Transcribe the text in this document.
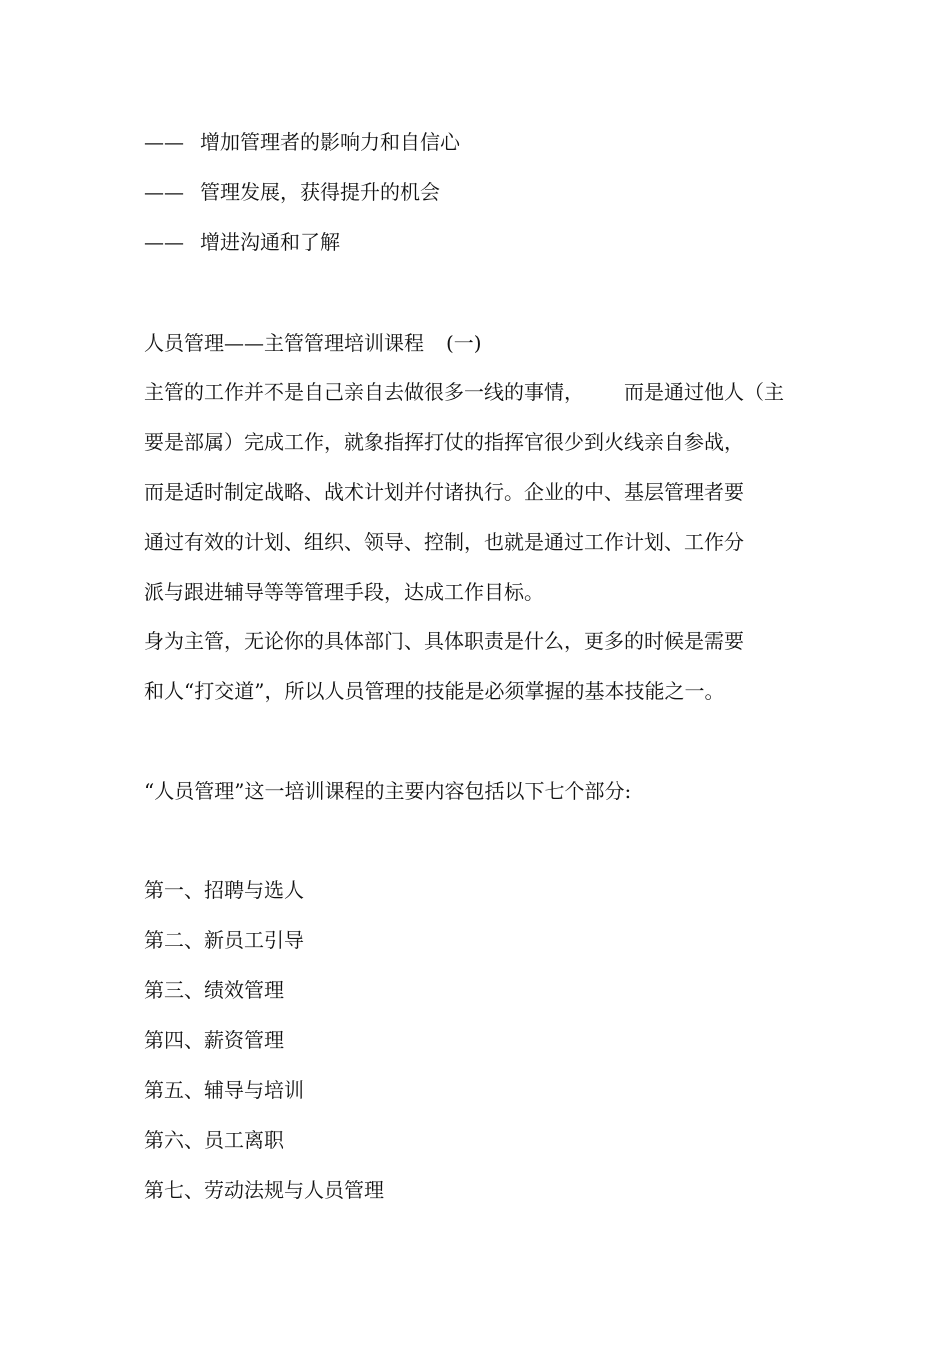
—— 增加管理者的影响力和自信心
—— 管理发展，获得提升的机会
—— 增进沟通和了解
人员管理——主管管理培训课程 (一)
主管的工作并不是自己亲自去做很多一线的事情， 而是通过他人（主
要是部属）完成工作，就象指挥打仗的指挥官很少到火线亲自参战，
而是适时制定战略、战术计划并付诸执行。企业的中、基层管理者要
通过有效的计划、组织、领导、控制，也就是通过工作计划、工作分
派与跟进辅导等等管理手段，达成工作目标。
身为主管，无论你的具体部门、具体职责是什么，更多的时候是需要
和人“打交道”，所以人员管理的技能是必须掌握的基本技能之一。
“人员管理”这一培训课程的主要内容包括以下七个部分:
第一、招聘与选人
第二、新员工引导
第三、绩效管理
第四、薪资管理
第五、辅导与培训
第六、员工离职
第七、劳动法规与人员管理
